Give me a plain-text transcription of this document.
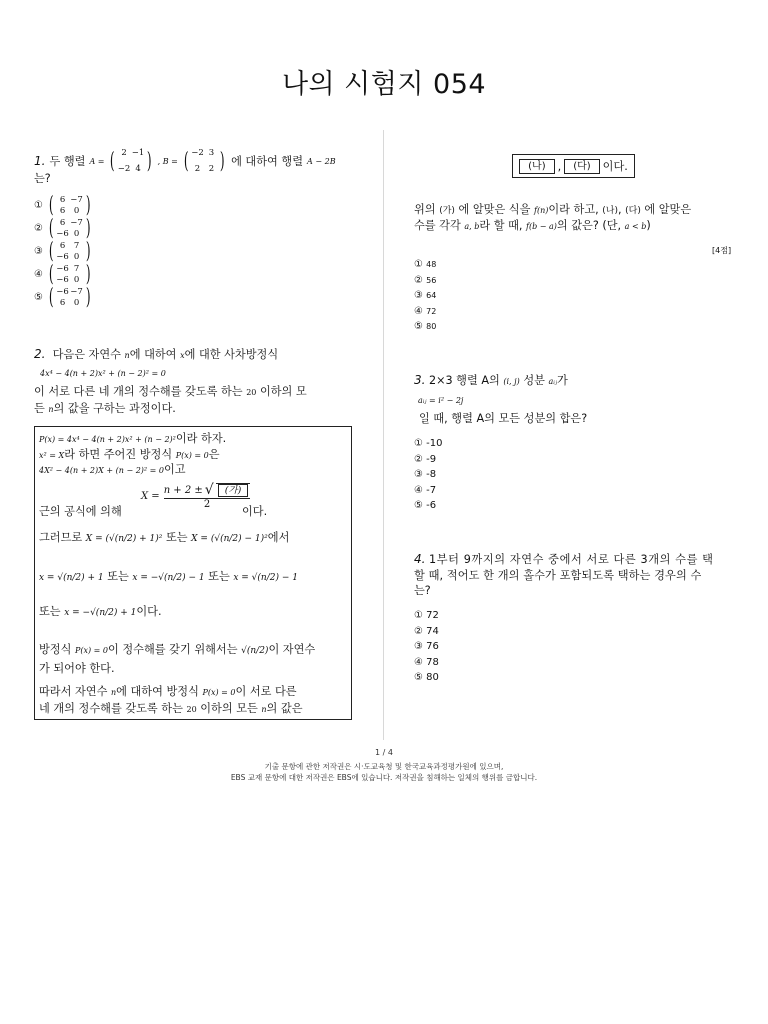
나의 시험지 054
1. 두 행렬 A = ( 2 −1
−2 4 ) , B = ( −2 3
2	2 ) 에 대하여 행렬 A − 2B
는?
① ( 6 −7
6	0 )
② ( 6 −7
−6 0 )
③ ( 6	7
−6 0 )
④ ( −6 7
−6 0 )
⑤ ( −6 −7
6	0 )
2. 다음은 자연수 n에 대하여 x에 대한 사차방정식
4x⁴ − 4(n + 2)x² + (n − 2)² = 0
이 서로 다른 네 개의 정수해를 갖도록 하는 20 이하의 모
든 n의 값을 구하는 과정이다.
P(x) = 4x⁴ − 4(n + 2)x² + (n − 2)²이라 하자.
x² = X라 하면 주어진 방정식 P(x) = 0은
4X² − 4(n + 2)X + (n − 2)² = 0이고
근의 공식에 의해
X =
n + 2 ± √	(가)
2
이다.
그러므로 X = (√(n/2) + 1)² 또는 X = (√(n/2) − 1)²에서
x = √(n/2) + 1 또는 x = −√(n/2) − 1 또는 x = √(n/2) − 1
또는 x = −√(n/2) + 1이다.
방정식 P(x) = 0이 정수해를 갖기 위해서는 √(n/2)이 자연수
가 되어야 한다.
따라서 자연수 n에 대하여 방정식 P(x) = 0이 서로 다른
네 개의 정수해를 갖도록 하는 20 이하의 모든 n의 값은
(나)	,	(다)	이다.
위의 (가) 에 알맞은 식을 f(n)이라 하고, (나), (다) 에 알맞은
수를 각각 a, b라 할 때, f(b − a)의 값은? (단, a < b)
[4점]
① 48
② 56
③ 64
④ 72
⑤ 80
3. 2×3 행렬 A의 (i, j) 성분 aᵢⱼ가
aᵢⱼ = i² − 2j
일 때, 행렬 A의 모든 성분의 합은?
① -10
② -9
③ -8
④ -7
⑤ -6
4. 1부터 9까지의 자연수 중에서 서로 다른 3개의 수를 택
할 때, 적어도 한 개의 홀수가 포함되도록 택하는 경우의 수
는?
① 72
② 74
③ 76
④ 78
⑤ 80
1 / 4
기출 문항에 관한 저작권은 시·도교육청 및 한국교육과정평가원에 있으며,
EBS 교재 문항에 대한 저작권은 EBS에 있습니다. 저작권을 침해하는 일체의 행위를 금합니다.
